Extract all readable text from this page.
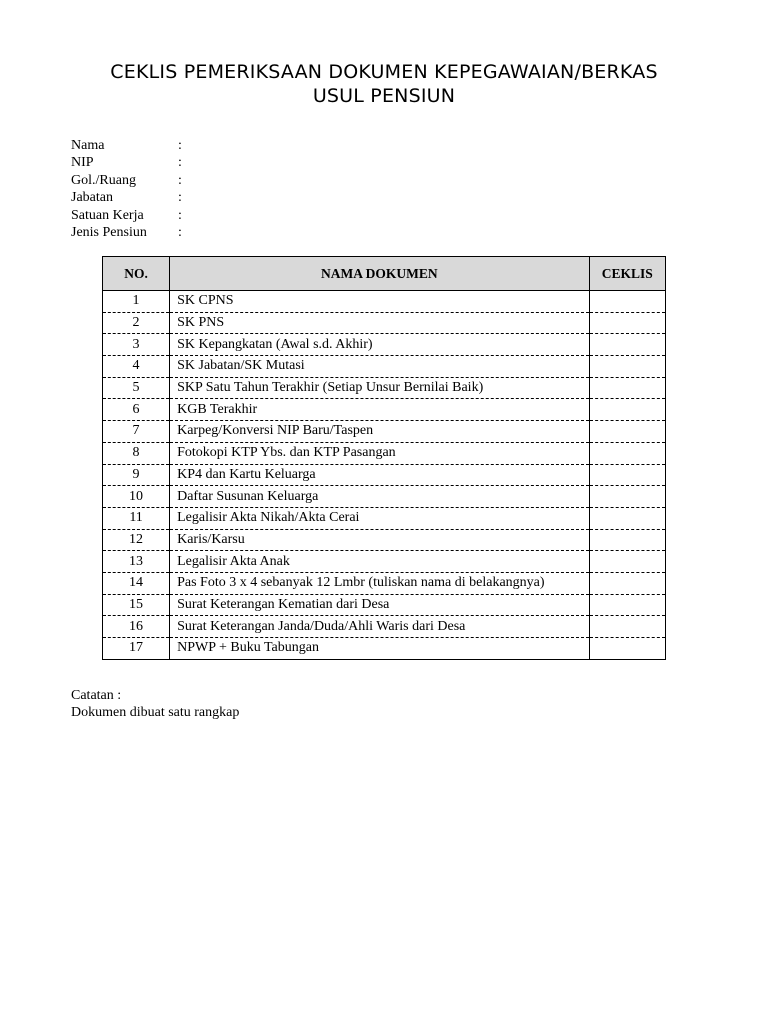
CEKLIS PEMERIKSAAN DOKUMEN KEPEGAWAIAN/BERKAS
USUL PENSIUN
Nama	:
NIP	:
Gol./Ruang	:
Jabatan	:
Satuan Kerja	:
Jenis Pensiun	:
NO.	NAMA DOKUMEN	CEKLIS
1	SK CPNS	
2	SK PNS	
3	SK Kepangkatan (Awal s.d. Akhir)	
4	SK Jabatan/SK Mutasi	
5	SKP Satu Tahun Terakhir (Setiap Unsur Bernilai Baik)	
6	KGB Terakhir	
7	Karpeg/Konversi NIP Baru/Taspen	
8	Fotokopi KTP Ybs. dan KTP Pasangan	
9	KP4 dan Kartu Keluarga	
10	Daftar Susunan Keluarga	
11	Legalisir Akta Nikah/Akta Cerai	
12	Karis/Karsu	
13	Legalisir Akta Anak	
14	Pas Foto 3 x 4 sebanyak 12 Lmbr (tuliskan nama di belakangnya)	
15	Surat Keterangan Kematian dari Desa	
16	Surat Keterangan Janda/Duda/Ahli Waris dari Desa	
17	NPWP + Buku Tabungan	
Catatan :
Dokumen dibuat satu rangkap
